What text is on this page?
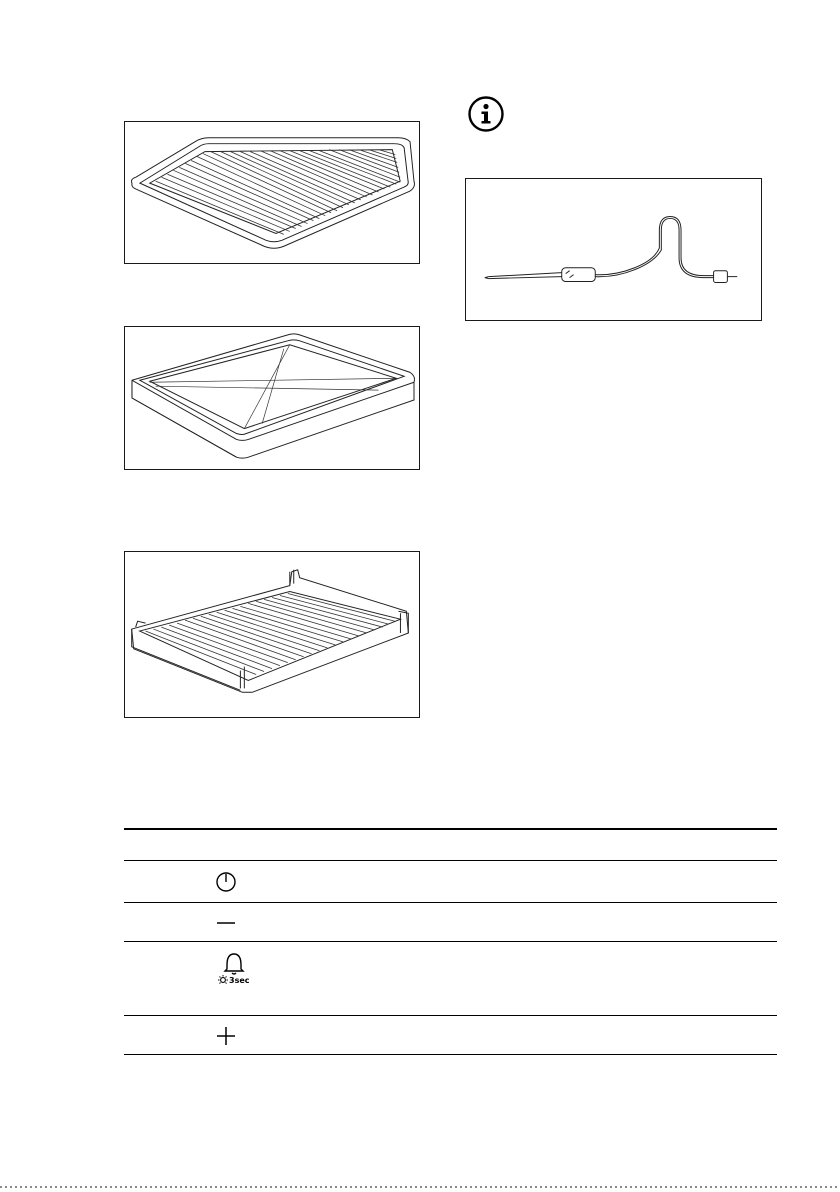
3sec
